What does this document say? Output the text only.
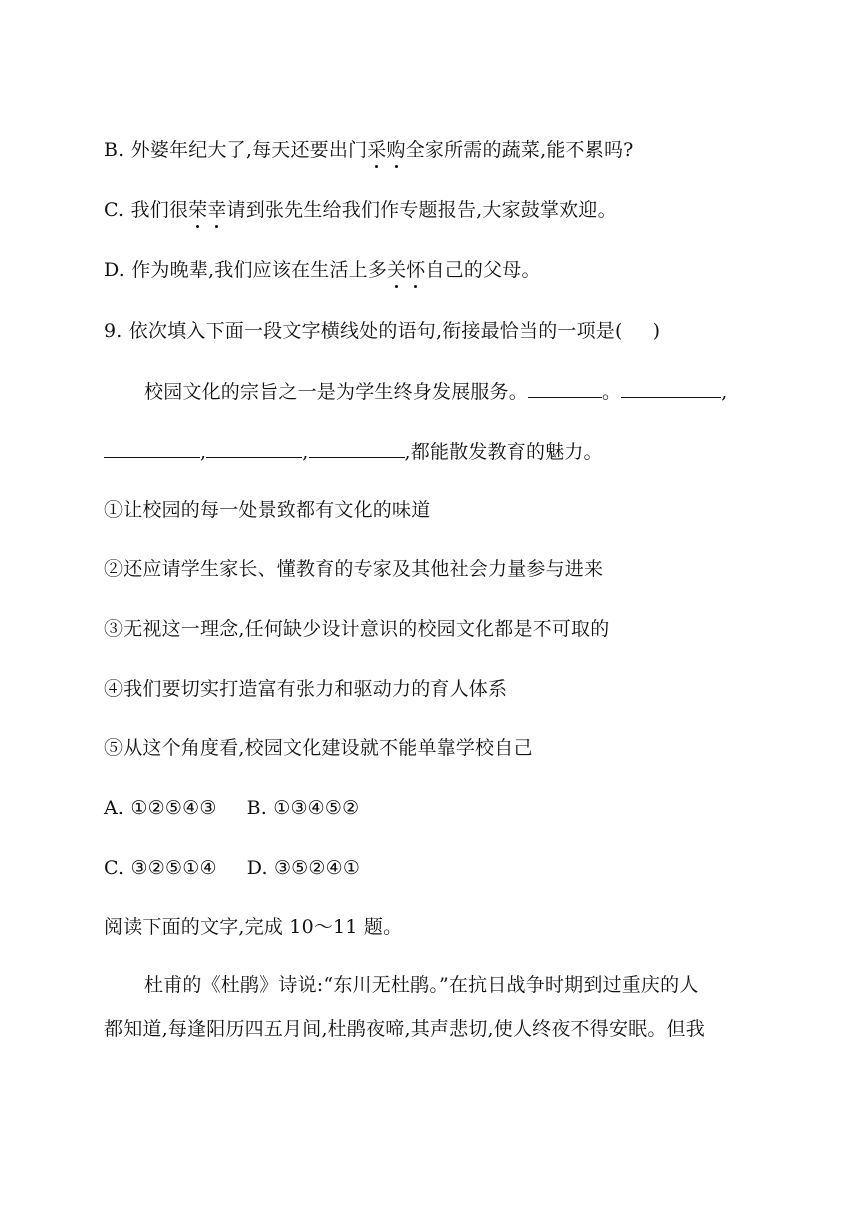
B. 外婆年纪大了,每天还要出门采购全家所需的蔬菜,能不累吗?
C. 我们很荣幸请到张先生给我们作专题报告,大家鼓掌欢迎。
D. 作为晚辈,我们应该在生活上多关怀自己的父母。
9. 依次填入下面一段文字横线处的语句,衔接最恰当的一项是( )
校园文化的宗旨之一是为学生终身发展服务。	。	,
,	,	,都能散发教育的魅力。
①让校园的每一处景致都有文化的味道
②还应请学生家长、懂教育的专家及其他社会力量参与进来
③无视这一理念,任何缺少设计意识的校园文化都是不可取的
④我们要切实打造富有张力和驱动力的育人体系
⑤从这个角度看,校园文化建设就不能单靠学校自己
A. ①②⑤④③ B. ①③④⑤②
C. ③②⑤①④ D. ③⑤②④①
阅读下面的文字,完成 10～11 题。
杜甫的《杜鹃》诗说:“东川无杜鹃。”在抗日战争时期到过重庆的人
都知道,每逢阳历四五月间,杜鹃夜啼,其声悲切,使人终夜不得安眠。但我
